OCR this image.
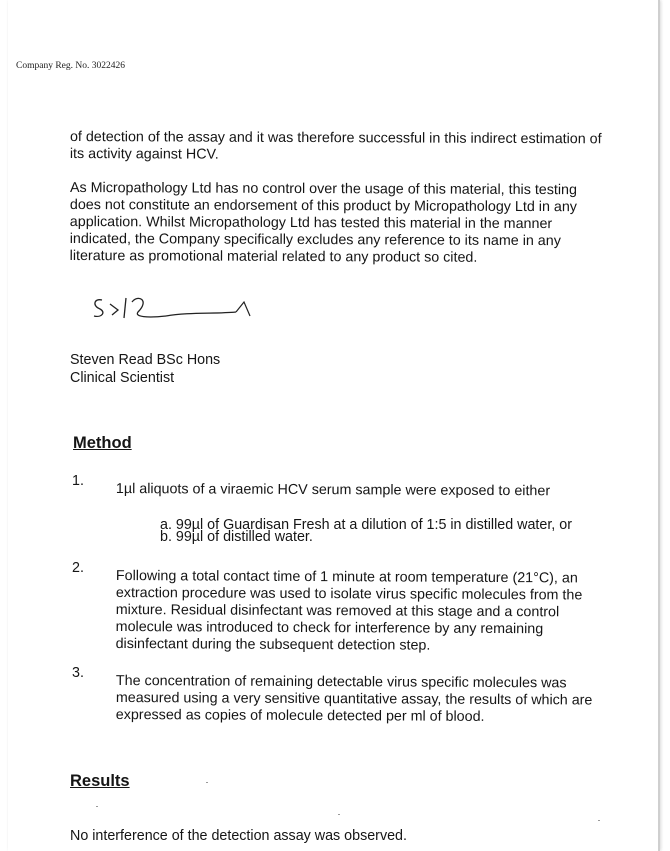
Company Reg. No. 3022426
of detection of the assay and it was therefore successful in this indirect estimation of
its activity against HCV.
As Micropathology Ltd has no control over the usage of this material, this testing
does not constitute an endorsement of this product by Micropathology Ltd in any
application. Whilst Micropathology Ltd has tested this material in the manner
indicated, the Company specifically excludes any reference to its name in any
literature as promotional material related to any product so cited.
Steven Read BSc Hons
Clinical Scientist
Method
1. 1µl aliquots of a viraemic HCV serum sample were exposed to either
a. 99µl of Guardisan Fresh at a dilution of 1:5 in distilled water, or
b. 99µl of distilled water.
2. Following a total contact time of 1 minute at room temperature (21°C), an
extraction procedure was used to isolate virus specific molecules from the
mixture. Residual disinfectant was removed at this stage and a control
molecule was introduced to check for interference by any remaining
disinfectant during the subsequent detection step.
3. The concentration of remaining detectable virus specific molecules was
measured using a very sensitive quantitative assay, the results of which are
expressed as copies of molecule detected per ml of blood.
Results
No interference of the detection assay was observed.
